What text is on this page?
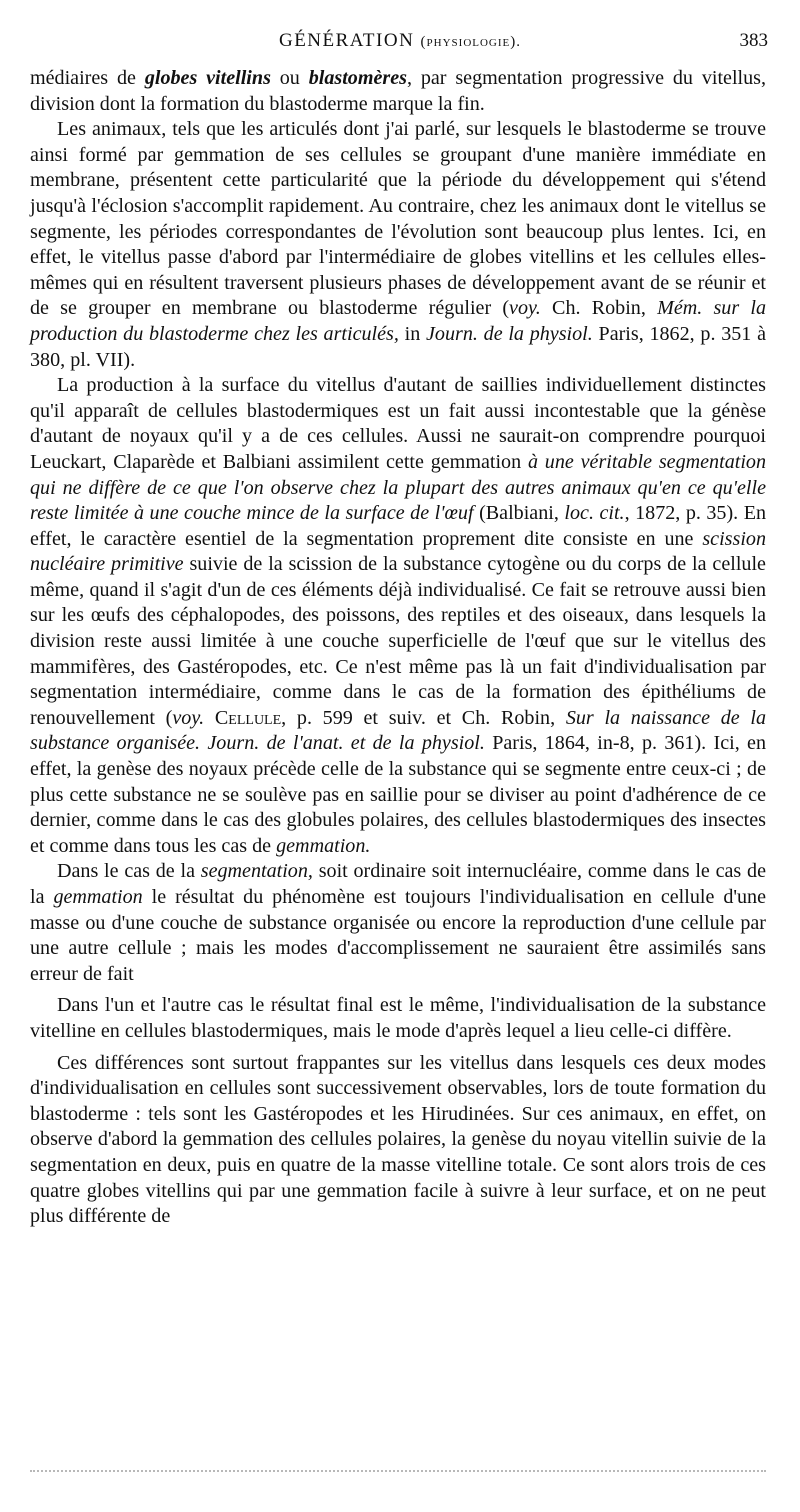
GÉNÉRATION (physiologie).	383

médiaires de globes vitellins ou blastomères, par segmentation progressive du vitellus, division dont la formation du blastoderme marque la fin.

Les animaux, tels que les articulés dont j'ai parlé, sur lesquels le blastoderme se trouve ainsi formé par gemmation de ses cellules se groupant d'une manière immédiate en membrane, présentent cette particularité que la période du développement qui s'étend jusqu'à l'éclosion s'accomplit rapidement. Au contraire, chez les animaux dont le vitellus se segmente, les périodes correspondantes de l'évolution sont beaucoup plus lentes. Ici, en effet, le vitellus passe d'abord par l'intermédiaire de globes vitellins et les cellules elles-mêmes qui en résultent traversent plusieurs phases de développement avant de se réunir et de se grouper en membrane ou blastoderme régulier (voy. Ch. Robin, Mém. sur la production du blastoderme chez les articulés, in Journ. de la physiol. Paris, 1862, p. 351 à 380, pl. VII).

La production à la surface du vitellus d'autant de saillies individuellement distinctes qu'il apparaît de cellules blastodermiques est un fait aussi incontestable que la génèse d'autant de noyaux qu'il y a de ces cellules. Aussi ne saurait-on comprendre pourquoi Leuckart, Claparède et Balbiani assimilent cette gemmation à une véritable segmentation qui ne diffère de ce que l'on observe chez la plupart des autres animaux qu'en ce qu'elle reste limitée à une couche mince de la surface de l'œuf (Balbiani, loc. cit., 1872, p. 35). En effet, le caractère esentiel de la segmentation proprement dite consiste en une scission nucléaire primitive suivie de la scission de la substance cytogène ou du corps de la cellule même, quand il s'agit d'un de ces éléments déjà individualisé. Ce fait se retrouve aussi bien sur les œufs des céphalopodes, des poissons, des reptiles et des oiseaux, dans lesquels la division reste aussi limitée à une couche superficielle de l'œuf que sur le vitellus des mammifères, des Gastéropodes, etc. Ce n'est même pas là un fait d'individualisation par segmentation intermédiaire, comme dans le cas de la formation des épithéliums de renouvellement (voy. Cellule, p. 599 et suiv. et Ch. Robin, Sur la naissance de la substance organisée. Journ. de l'anat. et de la physiol. Paris, 1864, in-8, p. 361). Ici, en effet, la genèse des noyaux précède celle de la substance qui se segmente entre ceux-ci ; de plus cette substance ne se soulève pas en saillie pour se diviser au point d'adhérence de ce dernier, comme dans le cas des globules polaires, des cellules blastodermiques des insectes et comme dans tous les cas de gemmation.

Dans le cas de la segmentation, soit ordinaire soit internucléaire, comme dans le cas de la gemmation le résultat du phénomène est toujours l'individualisation en cellule d'une masse ou d'une couche de substance organisée ou encore la reproduction d'une cellule par une autre cellule ; mais les modes d'accomplissement ne sauraient être assimilés sans erreur de fait

Dans l'un et l'autre cas le résultat final est le même, l'individualisation de la substance vitelline en cellules blastodermiques, mais le mode d'après lequel a lieu celle-ci diffère.

Ces différences sont surtout frappantes sur les vitellus dans lesquels ces deux modes d'individualisation en cellules sont successivement observables, lors de toute formation du blastoderme : tels sont les Gastéropodes et les Hirudinées. Sur ces animaux, en effet, on observe d'abord la gemmation des cellules polaires, la genèse du noyau vitellin suivie de la segmentation en deux, puis en quatre de la masse vitelline totale. Ce sont alors trois de ces quatre globes vitellins qui par une gemmation facile à suivre à leur surface, et on ne peut plus différente de
